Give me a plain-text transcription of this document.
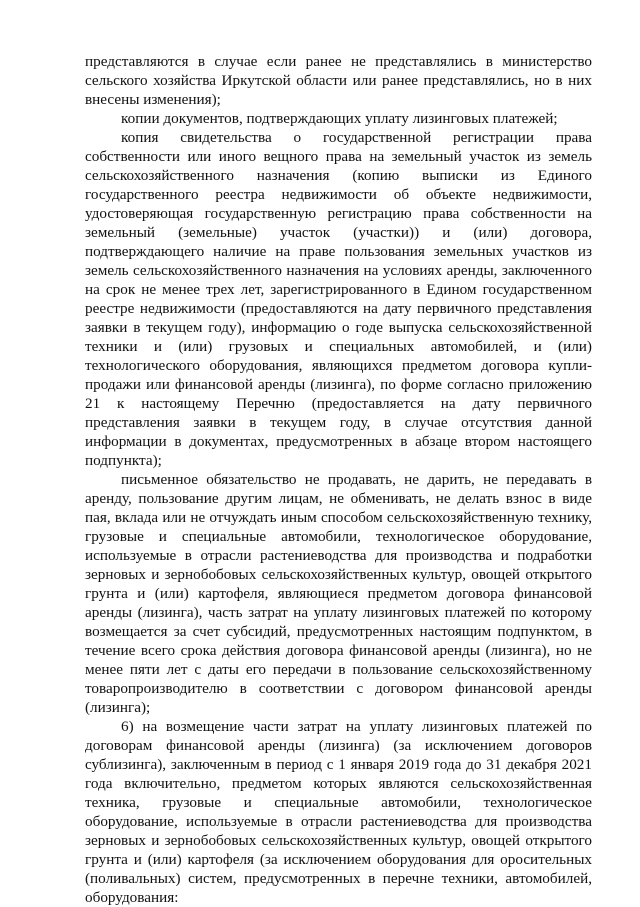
представляются в случае если ранее не представлялись в министерство сельского хозяйства Иркутской области или ранее представлялись, но в них внесены изменения);

копии документов, подтверждающих уплату лизинговых платежей;

копия свидетельства о государственной регистрации права собственности или иного вещного права на земельный участок из земель сельскохозяйственного назначения (копию выписки из Единого государственного реестра недвижимости об объекте недвижимости, удостоверяющая государственную регистрацию права собственности на земельный (земельные) участок (участки)) и (или) договора, подтверждающего наличие на праве пользования земельных участков из земель сельскохозяйственного назначения на условиях аренды, заключенного на срок не менее трех лет, зарегистрированного в Едином государственном реестре недвижимости (предоставляются на дату первичного представления заявки в текущем году), информацию о годе выпуска сельскохозяйственной техники и (или) грузовых и специальных автомобилей, и (или) технологического оборудования, являющихся предметом договора купли-продажи или финансовой аренды (лизинга), по форме согласно приложению 21 к настоящему Перечню (предоставляется на дату первичного представления заявки в текущем году, в случае отсутствия данной информации в документах, предусмотренных в абзаце втором настоящего подпункта);

письменное обязательство не продавать, не дарить, не передавать в аренду, пользование другим лицам, не обменивать, не делать взнос в виде пая, вклада или не отчуждать иным способом сельскохозяйственную технику, грузовые и специальные автомобили, технологическое оборудование, используемые в отрасли растениеводства для производства и подработки зерновых и зернобобовых сельскохозяйственных культур, овощей открытого грунта и (или) картофеля, являющиеся предметом договора финансовой аренды (лизинга), часть затрат на уплату лизинговых платежей по которому возмещается за счет субсидий, предусмотренных настоящим подпунктом, в течение всего срока действия договора финансовой аренды (лизинга), но не менее пяти лет с даты его передачи в пользование сельскохозяйственному товаропроизводителю в соответствии с договором финансовой аренды (лизинга);

6) на возмещение части затрат на уплату лизинговых платежей по договорам финансовой аренды (лизинга) (за исключением договоров сублизинга), заключенным в период с 1 января 2019 года до 31 декабря 2021 года включительно, предметом которых являются сельскохозяйственная техника, грузовые и специальные автомобили, технологическое оборудование, используемые в отрасли растениеводства для производства зерновых и зернобобовых сельскохозяйственных культур, овощей открытого грунта и (или) картофеля (за исключением оборудования для оросительных (поливальных) систем, предусмотренных в перечне техники, автомобилей, оборудования:
